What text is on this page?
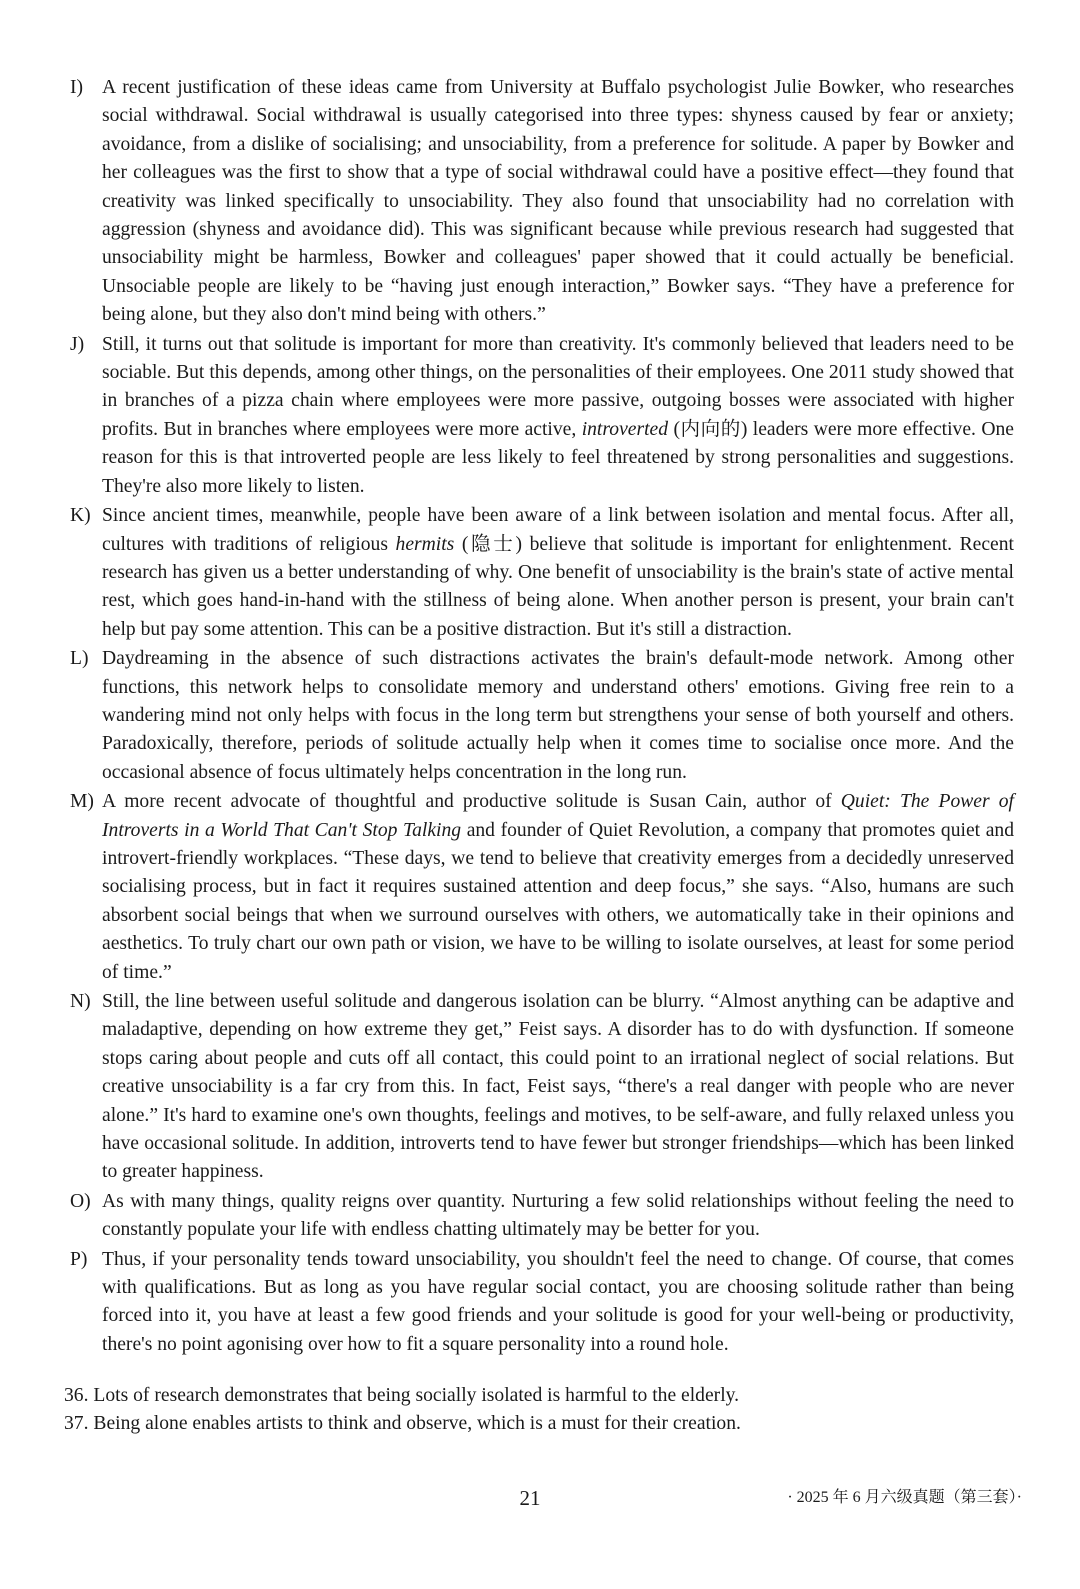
I) A recent justification of these ideas came from University at Buffalo psychologist Julie Bowker, who researches social withdrawal. Social withdrawal is usually categorised into three types: shyness caused by fear or anxiety; avoidance, from a dislike of socialising; and unsociability, from a preference for solitude. A paper by Bowker and her colleagues was the first to show that a type of social withdrawal could have a positive effect—they found that creativity was linked specifically to unsociability. They also found that unsociability had no correlation with aggression (shyness and avoidance did). This was significant because while previous research had suggested that unsociability might be harmless, Bowker and colleagues' paper showed that it could actually be beneficial. Unsociable people are likely to be “having just enough interaction,” Bowker says. “They have a preference for being alone, but they also don't mind being with others.”
J) Still, it turns out that solitude is important for more than creativity. It's commonly believed that leaders need to be sociable. But this depends, among other things, on the personalities of their employees. One 2011 study showed that in branches of a pizza chain where employees were more passive, outgoing bosses were associated with higher profits. But in branches where employees were more active, introverted (内向的) leaders were more effective. One reason for this is that introverted people are less likely to feel threatened by strong personalities and suggestions. They're also more likely to listen.
K) Since ancient times, meanwhile, people have been aware of a link between isolation and mental focus. After all, cultures with traditions of religious hermits (隐士) believe that solitude is important for enlightenment. Recent research has given us a better understanding of why. One benefit of unsociability is the brain's state of active mental rest, which goes hand-in-hand with the stillness of being alone. When another person is present, your brain can't help but pay some attention. This can be a positive distraction. But it's still a distraction.
L) Daydreaming in the absence of such distractions activates the brain's default-mode network. Among other functions, this network helps to consolidate memory and understand others' emotions. Giving free rein to a wandering mind not only helps with focus in the long term but strengthens your sense of both yourself and others. Paradoxically, therefore, periods of solitude actually help when it comes time to socialise once more. And the occasional absence of focus ultimately helps concentration in the long run.
M) A more recent advocate of thoughtful and productive solitude is Susan Cain, author of Quiet: The Power of Introverts in a World That Can't Stop Talking and founder of Quiet Revolution, a company that promotes quiet and introvert-friendly workplaces. “These days, we tend to believe that creativity emerges from a decidedly unreserved socialising process, but in fact it requires sustained attention and deep focus,” she says. “Also, humans are such absorbent social beings that when we surround ourselves with others, we automatically take in their opinions and aesthetics. To truly chart our own path or vision, we have to be willing to isolate ourselves, at least for some period of time.”
N) Still, the line between useful solitude and dangerous isolation can be blurry. “Almost anything can be adaptive and maladaptive, depending on how extreme they get,” Feist says. A disorder has to do with dysfunction. If someone stops caring about people and cuts off all contact, this could point to an irrational neglect of social relations. But creative unsociability is a far cry from this. In fact, Feist says, “there's a real danger with people who are never alone.” It's hard to examine one's own thoughts, feelings and motives, to be self-aware, and fully relaxed unless you have occasional solitude. In addition, introverts tend to have fewer but stronger friendships—which has been linked to greater happiness.
O) As with many things, quality reigns over quantity. Nurturing a few solid relationships without feeling the need to constantly populate your life with endless chatting ultimately may be better for you.
P) Thus, if your personality tends toward unsociability, you shouldn't feel the need to change. Of course, that comes with qualifications. But as long as you have regular social contact, you are choosing solitude rather than being forced into it, you have at least a few good friends and your solitude is good for your well-being or productivity, there's no point agonising over how to fit a square personality into a round hole.

36. Lots of research demonstrates that being socially isolated is harmful to the elderly.

37. Being alone enables artists to think and observe, which is a must for their creation.

21	· 2025 年 6 月六级真题（第三套）·
